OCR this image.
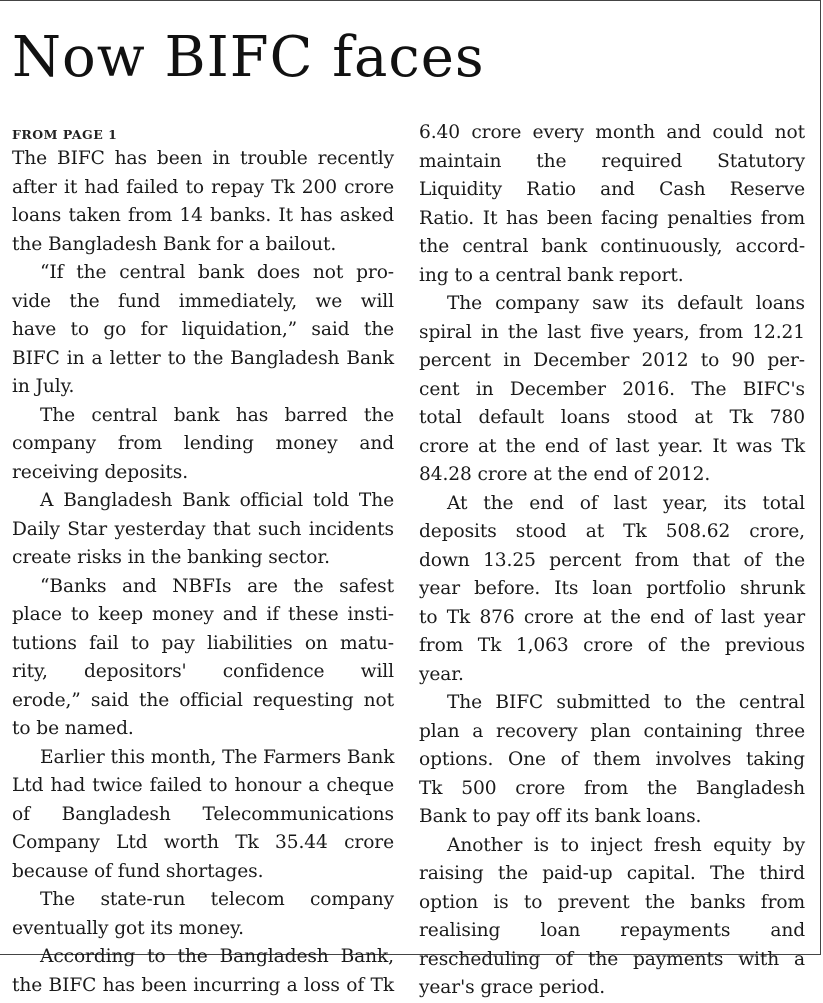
Now BIFC faces
FROM PAGE 1
The BIFC has been in trouble recently
after it had failed to repay Tk 200 crore
loans taken from 14 banks. It has asked
the Bangladesh Bank for a bailout.
“If the central bank does not pro-
vide the fund immediately, we will
have to go for liquidation,” said the
BIFC in a letter to the Bangladesh Bank
in July.
The central bank has barred the
company from lending money and
receiving deposits.
A Bangladesh Bank official told The
Daily Star yesterday that such incidents
create risks in the banking sector.
“Banks and NBFIs are the safest
place to keep money and if these insti-
tutions fail to pay liabilities on matu-
rity, depositors' confidence will
erode,” said the official requesting not
to be named.
Earlier this month, The Farmers Bank
Ltd had twice failed to honour a cheque
of Bangladesh Telecommunications
Company Ltd worth Tk 35.44 crore
because of fund shortages.
The state-run telecom company
eventually got its money.
According to the Bangladesh Bank,
the BIFC has been incurring a loss of Tk
6.40 crore every month and could not
maintain the required Statutory
Liquidity Ratio and Cash Reserve
Ratio. It has been facing penalties from
the central bank continuously, accord-
ing to a central bank report.
The company saw its default loans
spiral in the last five years, from 12.21
percent in December 2012 to 90 per-
cent in December 2016. The BIFC's
total default loans stood at Tk 780
crore at the end of last year. It was Tk
84.28 crore at the end of 2012.
At the end of last year, its total
deposits stood at Tk 508.62 crore,
down 13.25 percent from that of the
year before. Its loan portfolio shrunk
to Tk 876 crore at the end of last year
from Tk 1,063 crore of the previous
year.
The BIFC submitted to the central
plan a recovery plan containing three
options. One of them involves taking
Tk 500 crore from the Bangladesh
Bank to pay off its bank loans.
Another is to inject fresh equity by
raising the paid-up capital. The third
option is to prevent the banks from
realising loan repayments and
rescheduling of the payments with a
year's grace period.
